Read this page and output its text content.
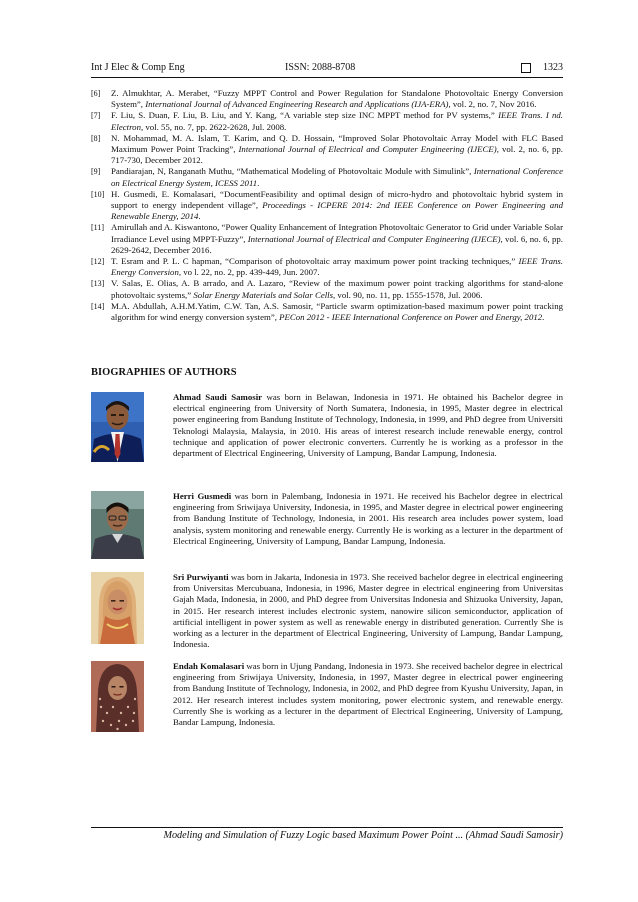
Int J Elec & Comp Eng	ISSN: 2088-8708	1323

[6] Z. Almukhtar, A. Merabet, “Fuzzy MPPT Control and Power Regulation for Standalone Photovoltaic Energy Conversion System”, International Journal of Advanced Engineering Research and Applications (IJA-ERA), vol. 2, no. 7, Nov 2016.

[7] F. Liu, S. Duan, F. Liu, B. Liu, and Y. Kang, “A variable step size INC MPPT method for PV systems,” IEEE Trans. I nd. Electron, vol. 55, no. 7, pp. 2622-2628, Jul. 2008.

[8] N. Mohammad, M. A. Islam, T. Karim, and Q. D. Hossain, “Improved Solar Photovoltaic Array Model with FLC Based Maximum Power Point Tracking”, International Journal of Electrical and Computer Engineering (IJECE), vol. 2, no. 6, pp. 717-730, December 2012.

[9] Pandiarajan, N, Ranganath Muthu, “Mathematical Modeling of Photovoltaic Module with Simulink”, International Conference on Electrical Energy System, ICESS 2011.

[10] H. Gusmedi, E. Komalasari, “DocumentFeasibility and optimal design of micro-hydro and photovoltaic hybrid system in support to energy independent village”, Proceedings - ICPERE 2014: 2nd IEEE Conference on Power Engineering and Renewable Energy, 2014.

[11] Amirullah and A. Kiswantono, “Power Quality Enhancement of Integration Photovoltaic Generator to Grid under Variable Solar Irradiance Level using MPPT-Fuzzy”, International Journal of Electrical and Computer Engineering (IJECE), vol. 6, no. 6, pp. 2629-2642, December 2016.

[12] T. Esram and P. L. C hapman, “Comparison of photovoltaic array maximum power point tracking techniques,” IEEE Trans. Energy Conversion, vo l. 22, no. 2, pp. 439-449, Jun. 2007.

[13] V. Salas, E. Olias, A. B arrado, and A. Lazaro, “Review of the maximum power point tracking algorithms for stand-alone photovoltaic systems,” Solar Energy Materials and Solar Cells, vol. 90, no. 11, pp. 1555-1578, Jul. 2006.

[14] M.A. Abdullah, A.H.M.Yatim, C.W. Tan, A.S. Samosir, “Particle swarm optimization-based maximum power point tracking algorithm for wind energy conversion system”, PECon 2012 - IEEE International Conference on Power and Energy, 2012.

BIOGRAPHIES OF AUTHORS

Ahmad Saudi Samosir was born in Belawan, Indonesia in 1971. He obtained his Bachelor degree in electrical engineering from University of North Sumatera, Indonesia, in 1995, Master degree in electrical power engineering from Bandung Institute of Technology, Indonesia, in 1999, and PhD degree from Universiti Teknologi Malaysia, Malaysia, in 2010. His areas of interest research include renewable energy, control technique and application of power electronic converters. Currently he is working as a professor in the department of Electrical Engineering, University of Lampung, Bandar Lampung, Indonesia.

Herri Gusmedi was born in Palembang, Indonesia in 1971. He received his Bachelor degree in electrical engineering from Sriwijaya University, Indonesia, in 1995, and Master degree in electrical power engineering from Bandung Institute of Technology, Indonesia, in 2001. His research area includes power system, load analysis, system monitoring and renewable energy. Currently He is working as a lecturer in the department of Electrical Engineering, University of Lampung, Bandar Lampung, Indonesia.

Sri Purwiyanti was born in Jakarta, Indonesia in 1973. She received bachelor degree in electrical engineering from Universitas Mercubuana, Indonesia, in 1996, Master degree in electrical engineering from Universitas Gajah Mada, Indonesia, in 2000, and PhD degree from Universitas Indonesia and Shizuoka University, Japan, in 2015. Her research interest includes electronic system, nanowire silicon semiconductor, application of artificial intelligent in power system as well as renewable energy in distributed generation. Currently She is working as a lecturer in the department of Electrical Engineering, University of Lampung, Bandar Lampung, Indonesia.

Endah Komalasari was born in Ujung Pandang, Indonesia in 1973. She received bachelor degree in electrical engineering from Sriwijaya University, Indonesia, in 1997, Master degree in electrical power engineering from Bandung Institute of Technology, Indonesia, in 2002, and PhD degree from Kyushu University, Japan, in 2012. Her research interest includes system monitoring, power electronic system, and renewable energy. Currently She is working as a lecturer in the department of Electrical Engineering, University of Lampung, Bandar Lampung, Indonesia.

Modeling and Simulation of Fuzzy Logic based Maximum Power Point ... (Ahmad Saudi Samosir)
